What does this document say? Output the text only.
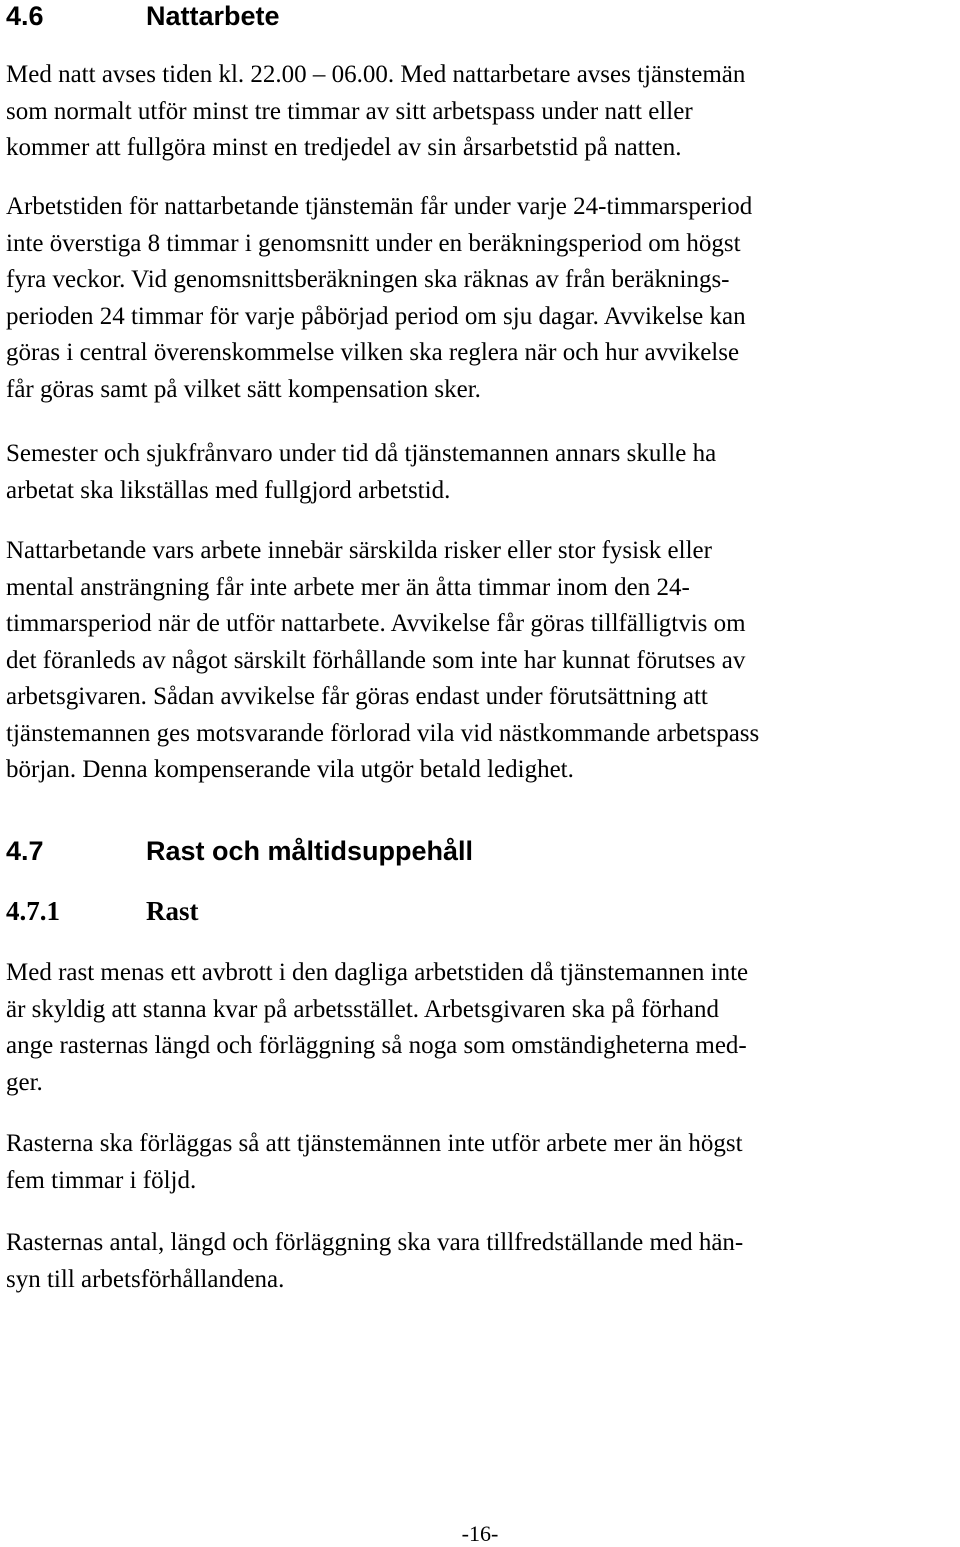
4.6	Nattarbete
Med natt avses tiden kl. 22.00 – 06.00. Med nattarbetare avses tjänstemän
som normalt utför minst tre timmar av sitt arbetspass under natt eller
kommer att fullgöra minst en tredjedel av sin årsarbetstid på natten.
Arbetstiden för nattarbetande tjänstemän får under varje 24-timmarsperiod
inte överstiga 8 timmar i genomsnitt under en beräkningsperiod om högst
fyra veckor. Vid genomsnittsberäkningen ska räknas av från beräknings-
perioden 24 timmar för varje påbörjad period om sju dagar. Avvikelse kan
göras i central överenskommelse vilken ska reglera när och hur avvikelse
får göras samt på vilket sätt kompensation sker.
Semester och sjukfrånvaro under tid då tjänstemannen annars skulle ha
arbetat ska likställas med fullgjord arbetstid.
Nattarbetande vars arbete innebär särskilda risker eller stor fysisk eller
mental ansträngning får inte arbete mer än åtta timmar inom den 24-
timmarsperiod när de utför nattarbete. Avvikelse får göras tillfälligtvis om
det föranleds av något särskilt förhållande som inte har kunnat förutses av
arbetsgivaren. Sådan avvikelse får göras endast under förutsättning att
tjänstemannen ges motsvarande förlorad vila vid nästkommande arbetspass
början. Denna kompenserande vila utgör betald ledighet.
4.7	Rast och måltidsuppehåll
4.7.1	Rast
Med rast menas ett avbrott i den dagliga arbetstiden då tjänstemannen inte
är skyldig att stanna kvar på arbetsstället. Arbetsgivaren ska på förhand
ange rasternas längd och förläggning så noga som omständigheterna med-
ger.
Rasterna ska förläggas så att tjänstemännen inte utför arbete mer än högst
fem timmar i följd.
Rasternas antal, längd och förläggning ska vara tillfredställande med hän-
syn till arbetsförhållandena.
-16-
